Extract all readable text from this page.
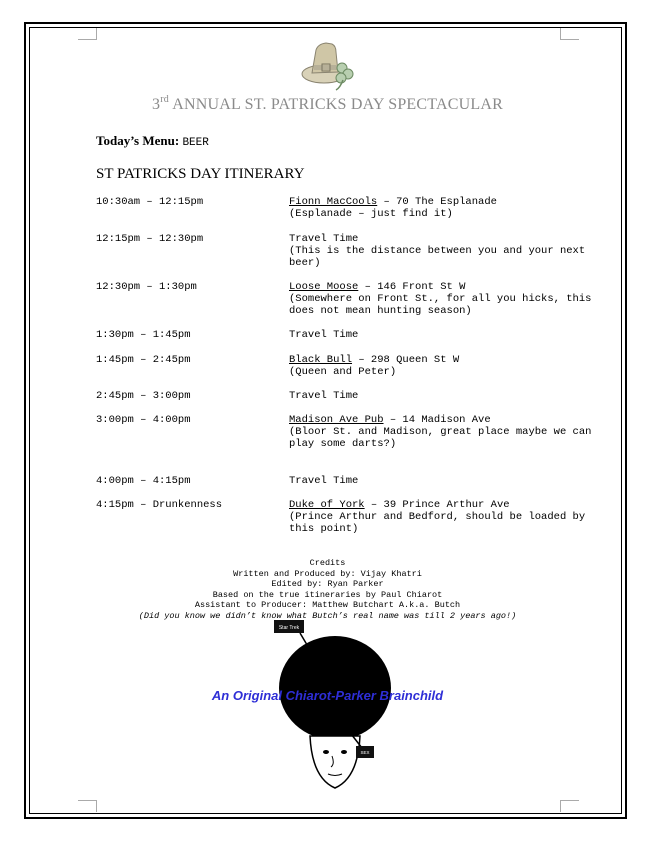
3rd ANNUAL ST. PATRICKS DAY SPECTACULAR
Today’s Menu: BEER
ST PATRICKS DAY ITINERARY
10:30am – 12:15pm	Fionn MacCools – 70 The Esplanade
(Esplanade – just find it)
12:15pm – 12:30pm	Travel Time
(This is the distance between you and your next beer)
12:30pm – 1:30pm	Loose Moose – 146 Front St W
(Somewhere on Front St., for all you hicks, this does not mean hunting season)
1:30pm – 1:45pm	Travel Time
1:45pm – 2:45pm	Black Bull – 298 Queen St W
(Queen and Peter)
2:45pm – 3:00pm	Travel Time
3:00pm – 4:00pm	Madison Ave Pub – 14 Madison Ave
(Bloor St. and Madison, great place maybe we can play some darts?)
4:00pm – 4:15pm	Travel Time
4:15pm – Drunkenness	Duke of York – 39 Prince Arthur Ave
(Prince Arthur and Bedford, should be loaded by this point)
Credits
Written and Produced by: Vijay Khatri
Edited by: Ryan Parker
Based on the true itineraries by Paul Chiarot
Assistant to Producer: Matthew Butchart A.k.a. Butch
(Did you know we didn’t know what Butch’s real name was till 2 years ago!)
Star Trek
SEX
An Original Chiarot-Parker Brainchild
